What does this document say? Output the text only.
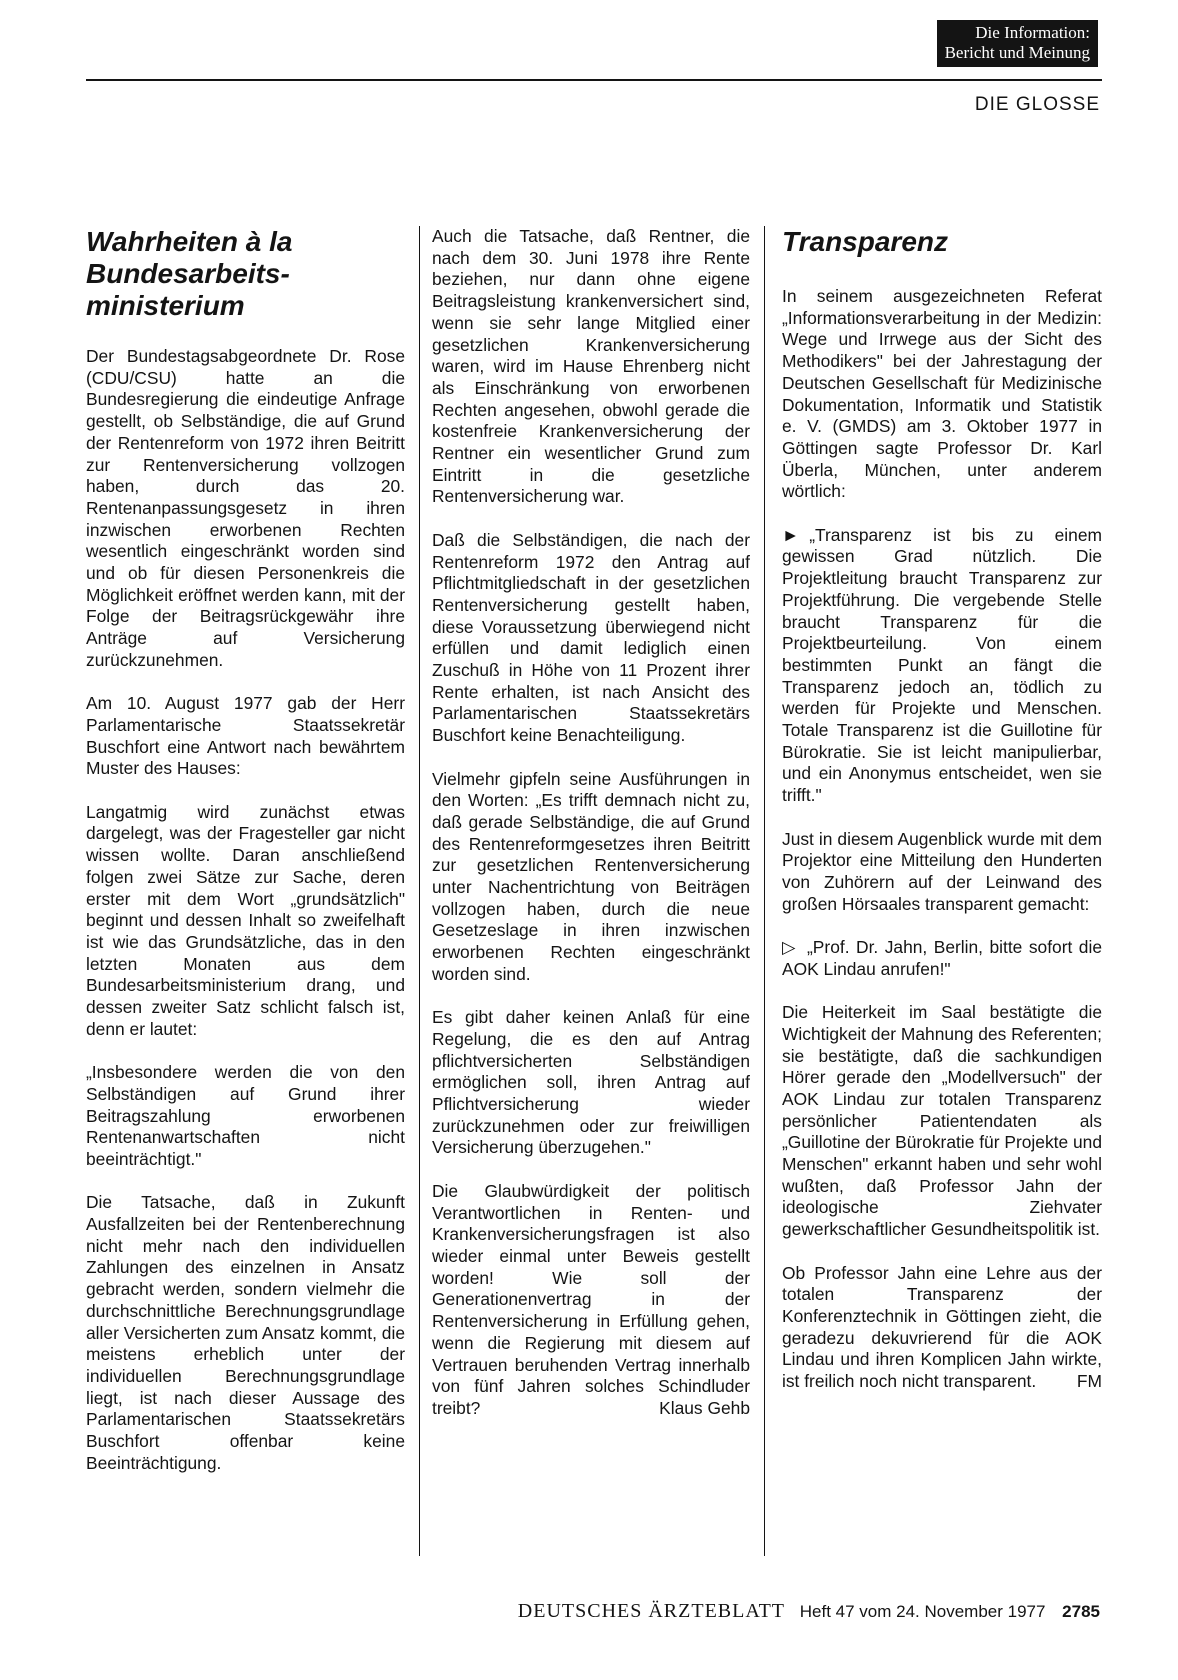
Die Information:
Bericht und Meinung
DIE GLOSSE
Wahrheiten à la
Bundesarbeits-
ministerium

Der Bundestagsabgeordnete Dr. Rose (CDU/CSU) hatte an die Bundesregierung die eindeutige Anfrage gestellt, ob Selbständige, die auf Grund der Rentenreform von 1972 ihren Beitritt zur Rentenversicherung vollzogen haben, durch das 20. Rentenanpassungsgesetz in ihren inzwischen erworbenen Rechten wesentlich eingeschränkt worden sind und ob für diesen Personenkreis die Möglichkeit eröffnet werden kann, mit der Folge der Beitragsrückgewähr ihre Anträge auf Versicherung zurückzunehmen.

Am 10. August 1977 gab der Herr Parlamentarische Staatssekretär Buschfort eine Antwort nach bewährtem Muster des Hauses:

Langatmig wird zunächst etwas dargelegt, was der Fragesteller gar nicht wissen wollte. Daran anschließend folgen zwei Sätze zur Sache, deren erster mit dem Wort „grundsätzlich" beginnt und dessen Inhalt so zweifelhaft ist wie das Grundsätzliche, das in den letzten Monaten aus dem Bundesarbeitsministerium drang, und dessen zweiter Satz schlicht falsch ist, denn er lautet:

„Insbesondere werden die von den Selbständigen auf Grund ihrer Beitragszahlung erworbenen Rentenanwartschaften nicht beeinträchtigt."

Die Tatsache, daß in Zukunft Ausfallzeiten bei der Rentenberechnung nicht mehr nach den individuellen Zahlungen des einzelnen in Ansatz gebracht werden, sondern vielmehr die durchschnittliche Berechnungsgrundlage aller Versicherten zum Ansatz kommt, die meistens erheblich unter der individuellen Berechnungsgrundlage liegt, ist nach dieser Aussage des Parlamentarischen Staatssekretärs Buschfort offenbar keine Beeinträchtigung.

Auch die Tatsache, daß Rentner, die nach dem 30. Juni 1978 ihre Rente beziehen, nur dann ohne eigene Beitragsleistung krankenversichert sind, wenn sie sehr lange Mitglied einer gesetzlichen Krankenversicherung waren, wird im Hause Ehrenberg nicht als Einschränkung von erworbenen Rechten angesehen, obwohl gerade die kostenfreie Krankenversicherung der Rentner ein wesentlicher Grund zum Eintritt in die gesetzliche Rentenversicherung war.

Daß die Selbständigen, die nach der Rentenreform 1972 den Antrag auf Pflichtmitgliedschaft in der gesetzlichen Rentenversicherung gestellt haben, diese Voraussetzung überwiegend nicht erfüllen und damit lediglich einen Zuschuß in Höhe von 11 Prozent ihrer Rente erhalten, ist nach Ansicht des Parlamentarischen Staatssekretärs Buschfort keine Benachteiligung.

Vielmehr gipfeln seine Ausführungen in den Worten: „Es trifft demnach nicht zu, daß gerade Selbständige, die auf Grund des Rentenreformgesetzes ihren Beitritt zur gesetzlichen Rentenversicherung unter Nachentrichtung von Beiträgen vollzogen haben, durch die neue Gesetzeslage in ihren inzwischen erworbenen Rechten eingeschränkt worden sind.

Es gibt daher keinen Anlaß für eine Regelung, die es den auf Antrag pflichtversicherten Selbständigen ermöglichen soll, ihren Antrag auf Pflichtversicherung wieder zurückzunehmen oder zur freiwilligen Versicherung überzugehen."

Die Glaubwürdigkeit der politisch Verantwortlichen in Renten- und Krankenversicherungsfragen ist also wieder einmal unter Beweis gestellt worden! Wie soll der Generationenvertrag in der Rentenversicherung in Erfüllung gehen, wenn die Regierung mit diesem auf Vertrauen beruhenden Vertrag innerhalb von fünf Jahren solches Schindluder treibt?	Klaus Gehb

Transparenz

In seinem ausgezeichneten Referat „Informationsverarbeitung in der Medizin: Wege und Irrwege aus der Sicht des Methodikers" bei der Jahrestagung der Deutschen Gesellschaft für Medizinische Dokumentation, Informatik und Statistik e. V. (GMDS) am 3. Oktober 1977 in Göttingen sagte Professor Dr. Karl Überla, München, unter anderem wörtlich:

► „Transparenz ist bis zu einem gewissen Grad nützlich. Die Projektleitung braucht Transparenz zur Projektführung. Die vergebende Stelle braucht Transparenz für die Projektbeurteilung. Von einem bestimmten Punkt an fängt die Transparenz jedoch an, tödlich zu werden für Projekte und Menschen. Totale Transparenz ist die Guillotine für Bürokratie. Sie ist leicht manipulierbar, und ein Anonymus entscheidet, wen sie trifft."

Just in diesem Augenblick wurde mit dem Projektor eine Mitteilung den Hunderten von Zuhörern auf der Leinwand des großen Hörsaales transparent gemacht:

▷ „Prof. Dr. Jahn, Berlin, bitte sofort die AOK Lindau anrufen!"

Die Heiterkeit im Saal bestätigte die Wichtigkeit der Mahnung des Referenten; sie bestätigte, daß die sachkundigen Hörer gerade den „Modellversuch" der AOK Lindau zur totalen Transparenz persönlicher Patientendaten als „Guillotine der Bürokratie für Projekte und Menschen" erkannt haben und sehr wohl wußten, daß Professor Jahn der ideologische Ziehvater gewerkschaftlicher Gesundheitspolitik ist.

Ob Professor Jahn eine Lehre aus der totalen Transparenz der Konferenztechnik in Göttingen zieht, die geradezu dekuvrierend für die AOK Lindau und ihren Komplicen Jahn wirkte, ist freilich noch nicht transparent. FM

DEUTSCHES ÄRZTEBLATT Heft 47 vom 24. November 1977 2785
